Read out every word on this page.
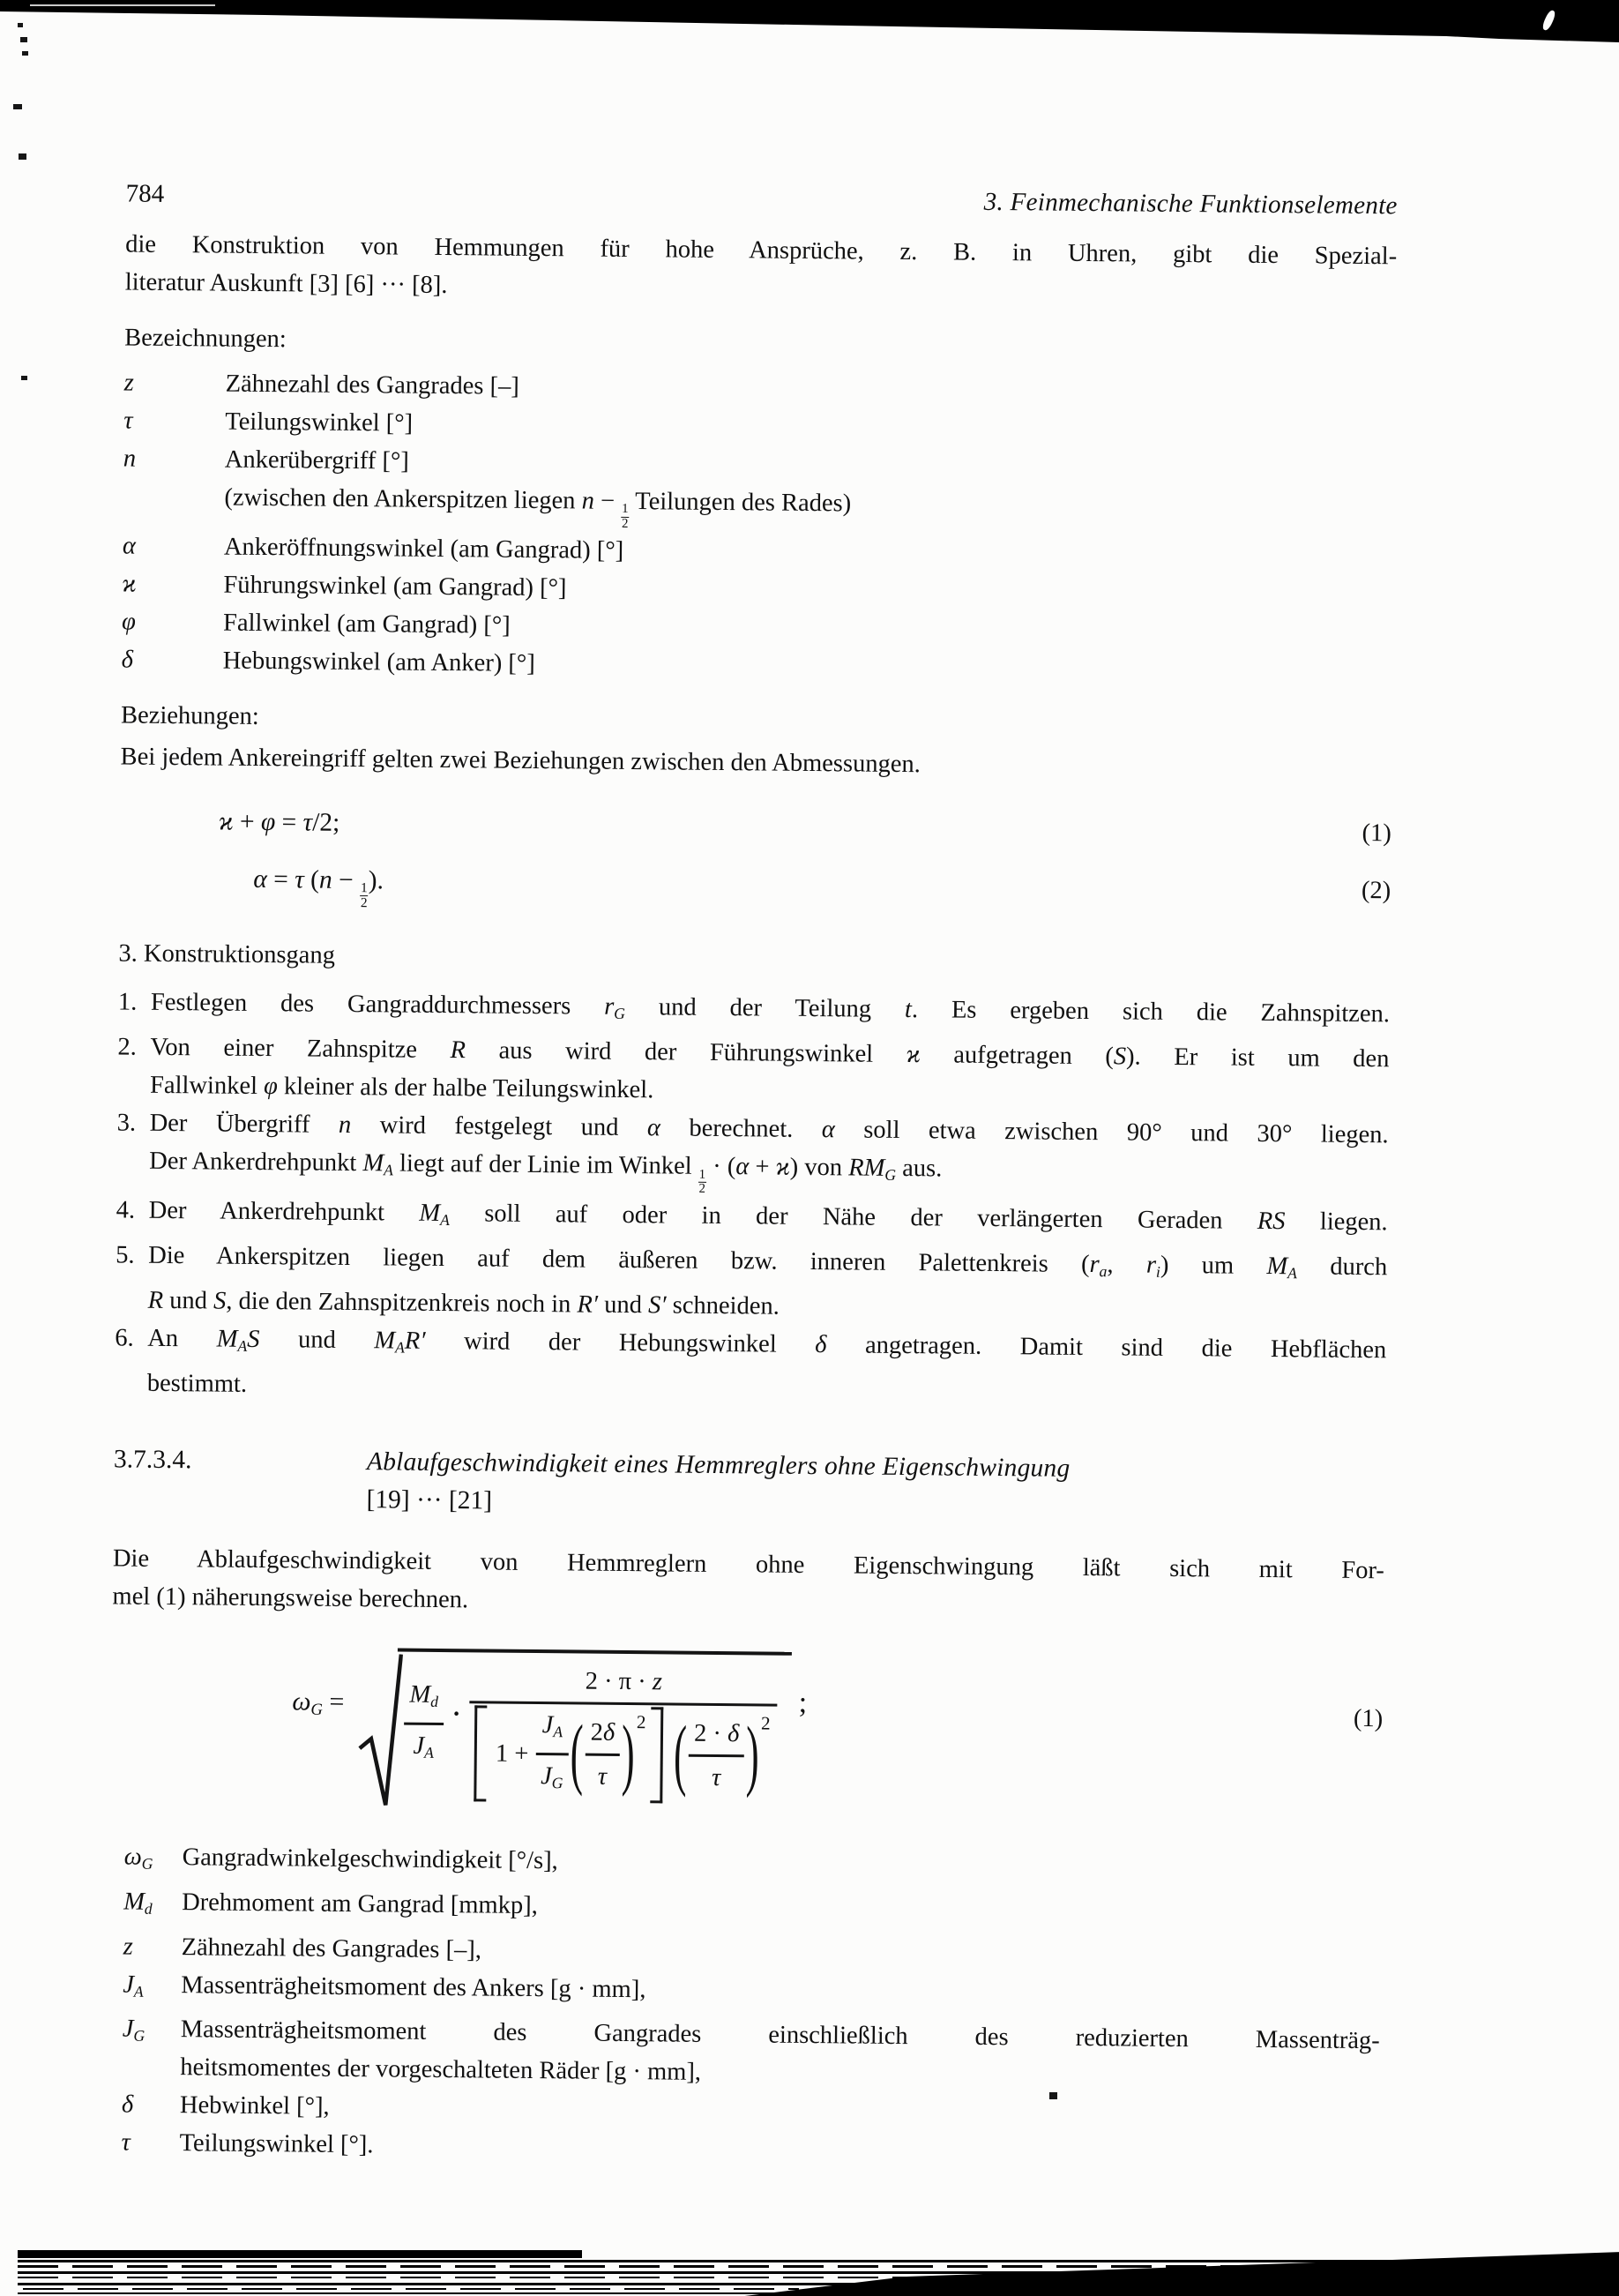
784	3. Feinmechanische Funktionselemente
die Konstruktion von Hemmungen für hohe Ansprüche, z. B. in Uhren, gibt die Spezial-
literatur Auskunft [3] [6] ··· [8].
Bezeichnungen:
z	Zähnezahl des Gangrades [–]
τ	Teilungswinkel [°]
n	Ankerübergriff [°]
(zwischen den Ankerspitzen liegen n −
$\frac{1}{2}$
Teilungen des Rades)
α	Ankeröffnungswinkel (am Gangrad) [°]
ϰ	Führungswinkel (am Gangrad) [°]
φ	Fallwinkel (am Gangrad) [°]
δ	Hebungswinkel (am Anker) [°]
Beziehungen:
Bei jedem Ankereingriff gelten zwei Beziehungen zwischen den Abmessungen.
ϰ + φ = τ/2;	(1)
α = τ (n −
$\frac{1}{2}$
).	(2)
3. Konstruktionsgang
1. Festlegen des Gangraddurchmessers rG und der Teilung t. Es ergeben sich die Zahnspitzen.
2. Von einer Zahnspitze R aus wird der Führungswinkel ϰ aufgetragen (S). Er ist um den
Fallwinkel φ kleiner als der halbe Teilungswinkel.
3. Der Übergriff n wird festgelegt und α berechnet. α soll etwa zwischen 90° und 30° liegen.
Der Ankerdrehpunkt MA liegt auf der Linie im Winkel
$\frac{1}{2}$
· (α + ϰ) von RMG aus.
4. Der Ankerdrehpunkt MA soll auf oder in der Nähe der verlängerten Geraden RS liegen.
5. Die Ankerspitzen liegen auf dem äußeren bzw. inneren Palettenkreis (ra, ri) um MA durch
R und S, die den Zahnspitzenkreis noch in R′ und S′ schneiden.
6. An MAS und MAR′ wird der Hebungswinkel δ angetragen. Damit sind die Hebflächen
bestimmt.
3.7.3.4.	Ablaufgeschwindigkeit eines Hemmreglers ohne Eigenschwingung
[19] ··· [21]
Die Ablaufgeschwindigkeit von Hemmreglern ohne Eigenschwingung läßt sich mit For-
mel (1) näherungsweise berechnen.
$\omega G = \frac{Md}{JA}$ ·
2 · π · z
$1 + \frac{JA}{JG}$ ( $\frac{2\delta}{\tau}$ ) 2 ( $\frac{2 \cdot \delta}{\tau}$ ) 2
;	(1)
ωG	Gangradwinkelgeschwindigkeit [°/s],
Md	Drehmoment am Gangrad [mmkp],
z	Zähnezahl des Gangrades [–],
JA	Massenträgheitsmoment des Ankers [g · mm],
JG	Massenträgheitsmoment des Gangrades einschließlich des reduzierten Massenträg-
heitsmomentes der vorgeschalteten Räder [g · mm],
δ	Hebwinkel [°],
τ	Teilungswinkel [°].
